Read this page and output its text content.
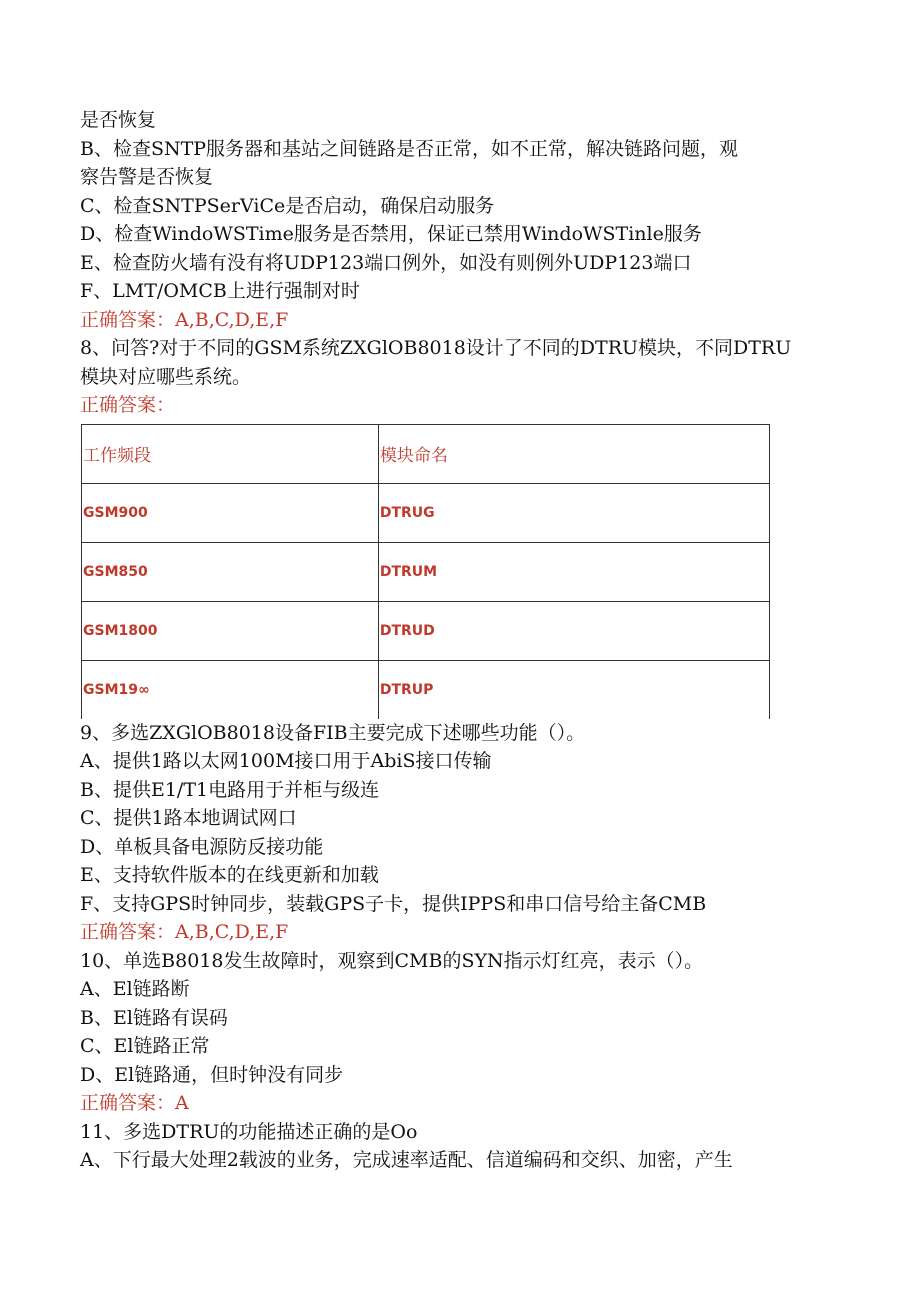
是否恢复

B、检查SNTP服务器和基站之间链路是否正常，如不正常，解决链路问题，观

察告警是否恢复

C、检查SNTPSerViCe是否启动，确保启动服务

D、检查WindoWSTime服务是否禁用，保证已禁用WindoWSTinle服务

E、检查防火墙有没有将UDP123端口例外，如没有则例外UDP123端口

F、LMT/OMCB上进行强制对时

正确答案：A,B,C,D,E,F

8、问答?对于不同的GSM系统ZXGlOB8018设计了不同的DTRU模块，不同DTRU

模块对应哪些系统。

正确答案：

工作频段	模块命名
GSM900	DTRUG
GSM850	DTRUM
GSM1800	DTRUD
GSM19∞	DTRUP

9、多选ZXGlOB8018设备FIB主要完成下述哪些功能（）。

A、提供1路以太网100M接口用于AbiS接口传输

B、提供E1/T1电路用于并柜与级连

C、提供1路本地调试网口

D、单板具备电源防反接功能

E、支持软件版本的在线更新和加载

F、支持GPS时钟同步，装载GPS子卡，提供IPPS和串口信号给主备CMB

正确答案：A,B,C,D,E,F

10、单选B8018发生故障时，观察到CMB的SYN指示灯红亮，表示（）。

A、El链路断

B、El链路有误码

C、El链路正常

D、El链路通，但时钟没有同步

正确答案：A

11、多选DTRU的功能描述正确的是Oo

A、下行最大处理2载波的业务，完成速率适配、信道编码和交织、加密，产生
